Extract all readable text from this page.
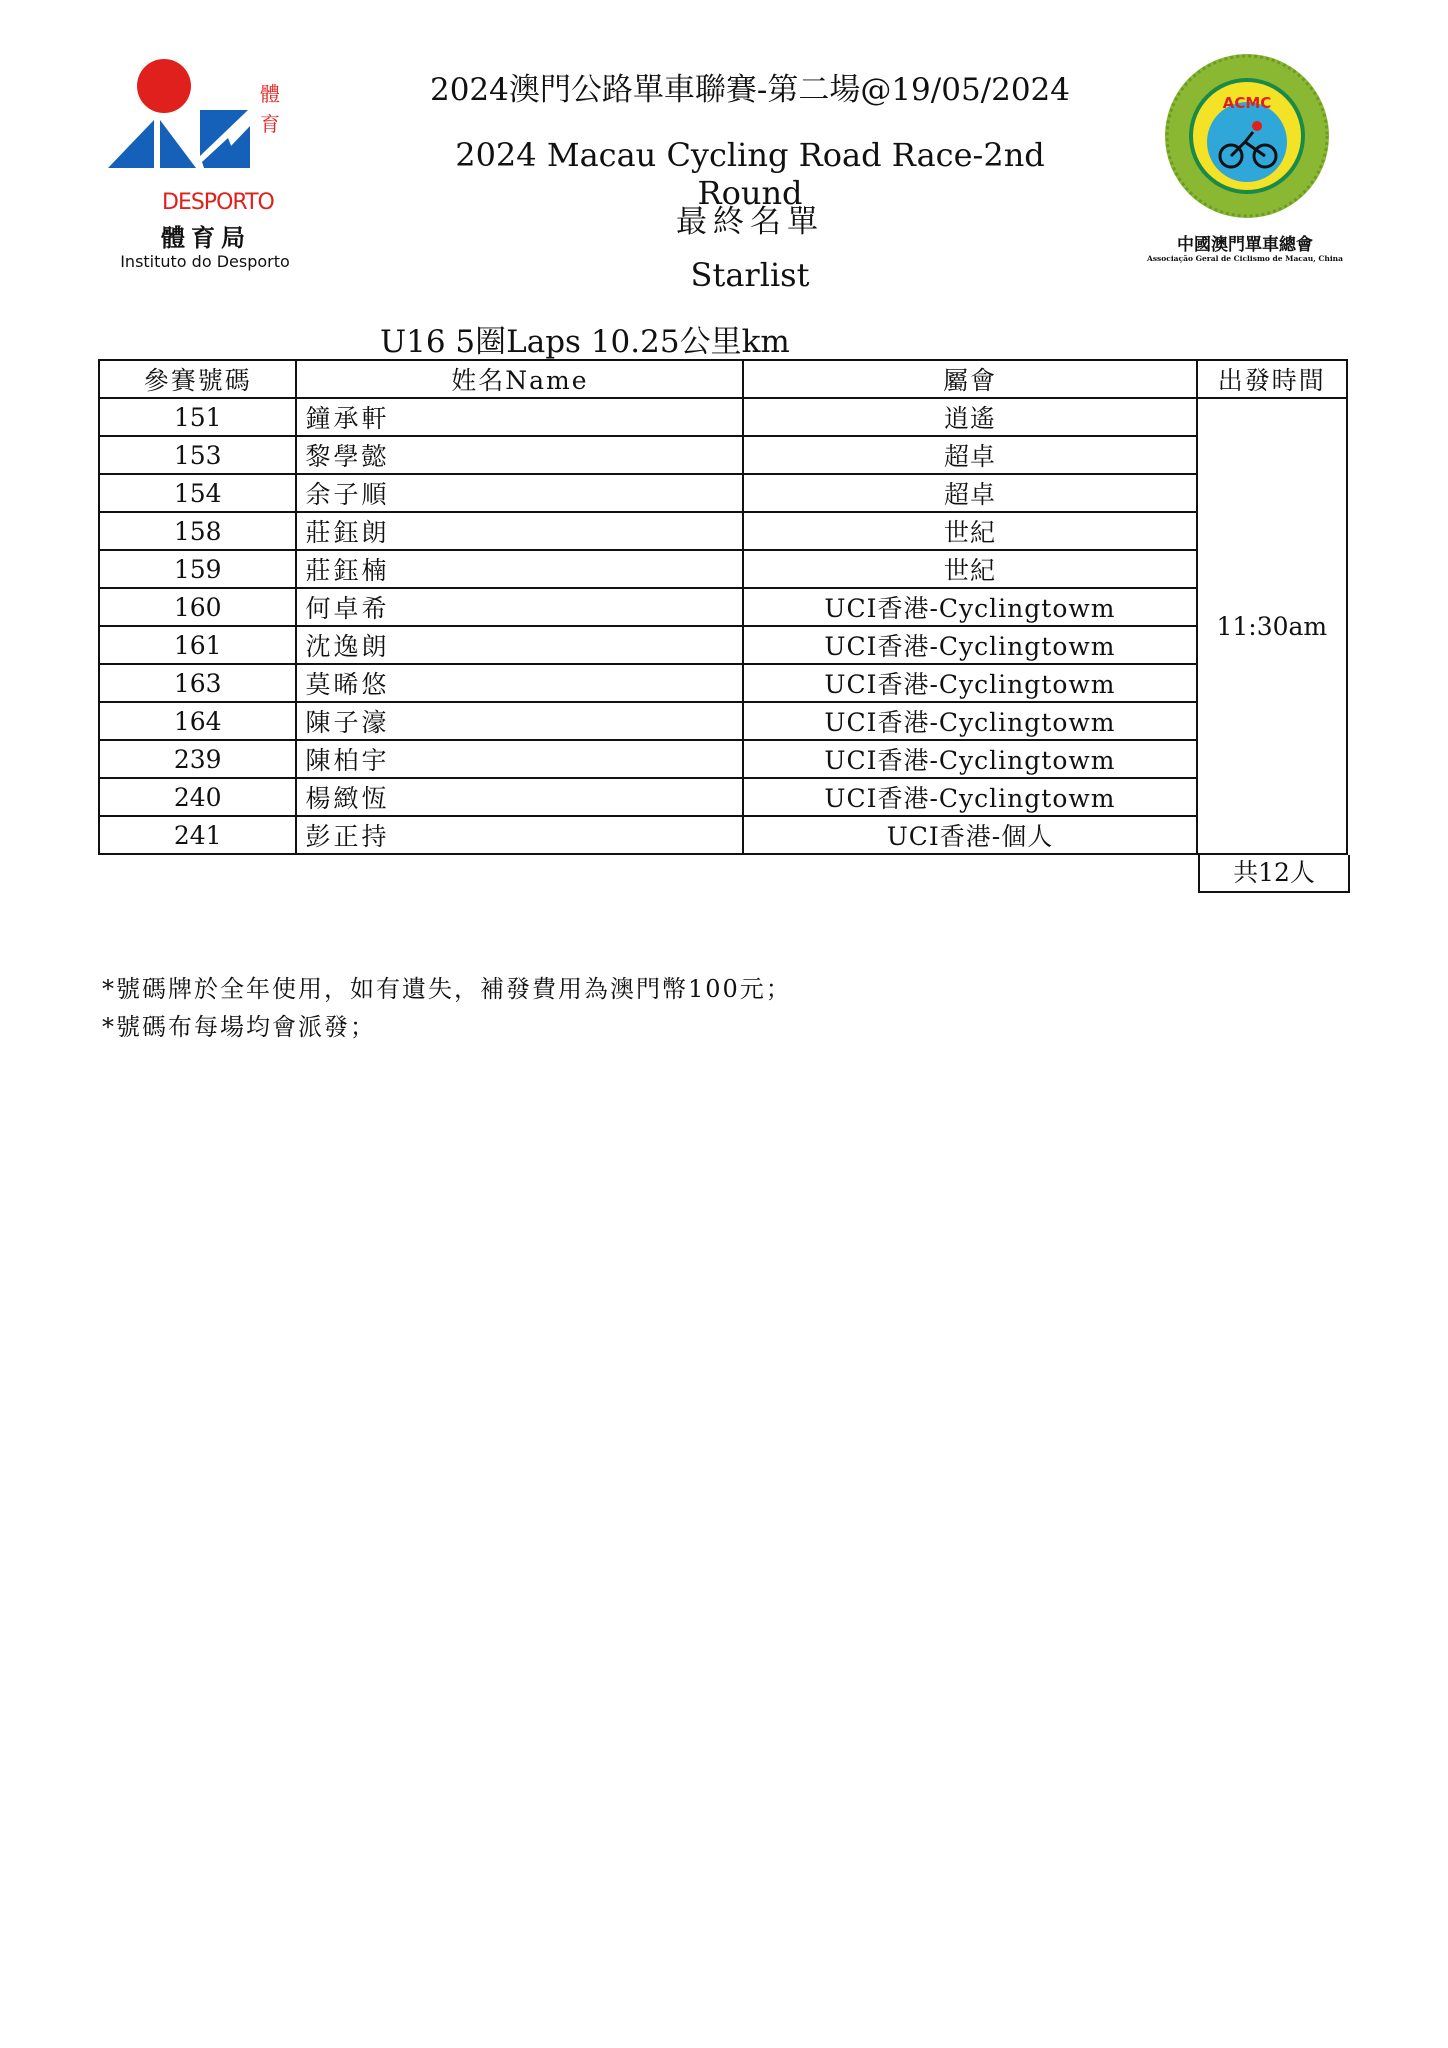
體
育
DESPORTO
體育局
Instituto do Desporto
ACMC
中國澳門單車總會
Associação Geral de Ciclismo de Macau, China
2024澳門公路單車聯賽-第二場@19/05/2024
2024 Macau Cycling Road Race-2nd Round
最終名單
Starlist
U16 5圈Laps 10.25公里km
參賽號碼	姓名Name	屬會	出發時間
151	鐘承軒	逍遙	11:30am
153	黎學懿	超卓	
154	余子順	超卓	
158	莊鈺朗	世紀	
159	莊鈺楠	世紀	
160	何卓希	UCI香港-Cyclingtowm	
161	沈逸朗	UCI香港-Cyclingtowm	
163	莫晞悠	UCI香港-Cyclingtowm	
164	陳子濠	UCI香港-Cyclingtowm	
239	陳柏宇	UCI香港-Cyclingtowm	
240	楊緻恆	UCI香港-Cyclingtowm	
241	彭正持	UCI香港-個人	
共12人
*號碼牌於全年使用，如有遺失，補發費用為澳門幣100元；
*號碼布每場均會派發；
